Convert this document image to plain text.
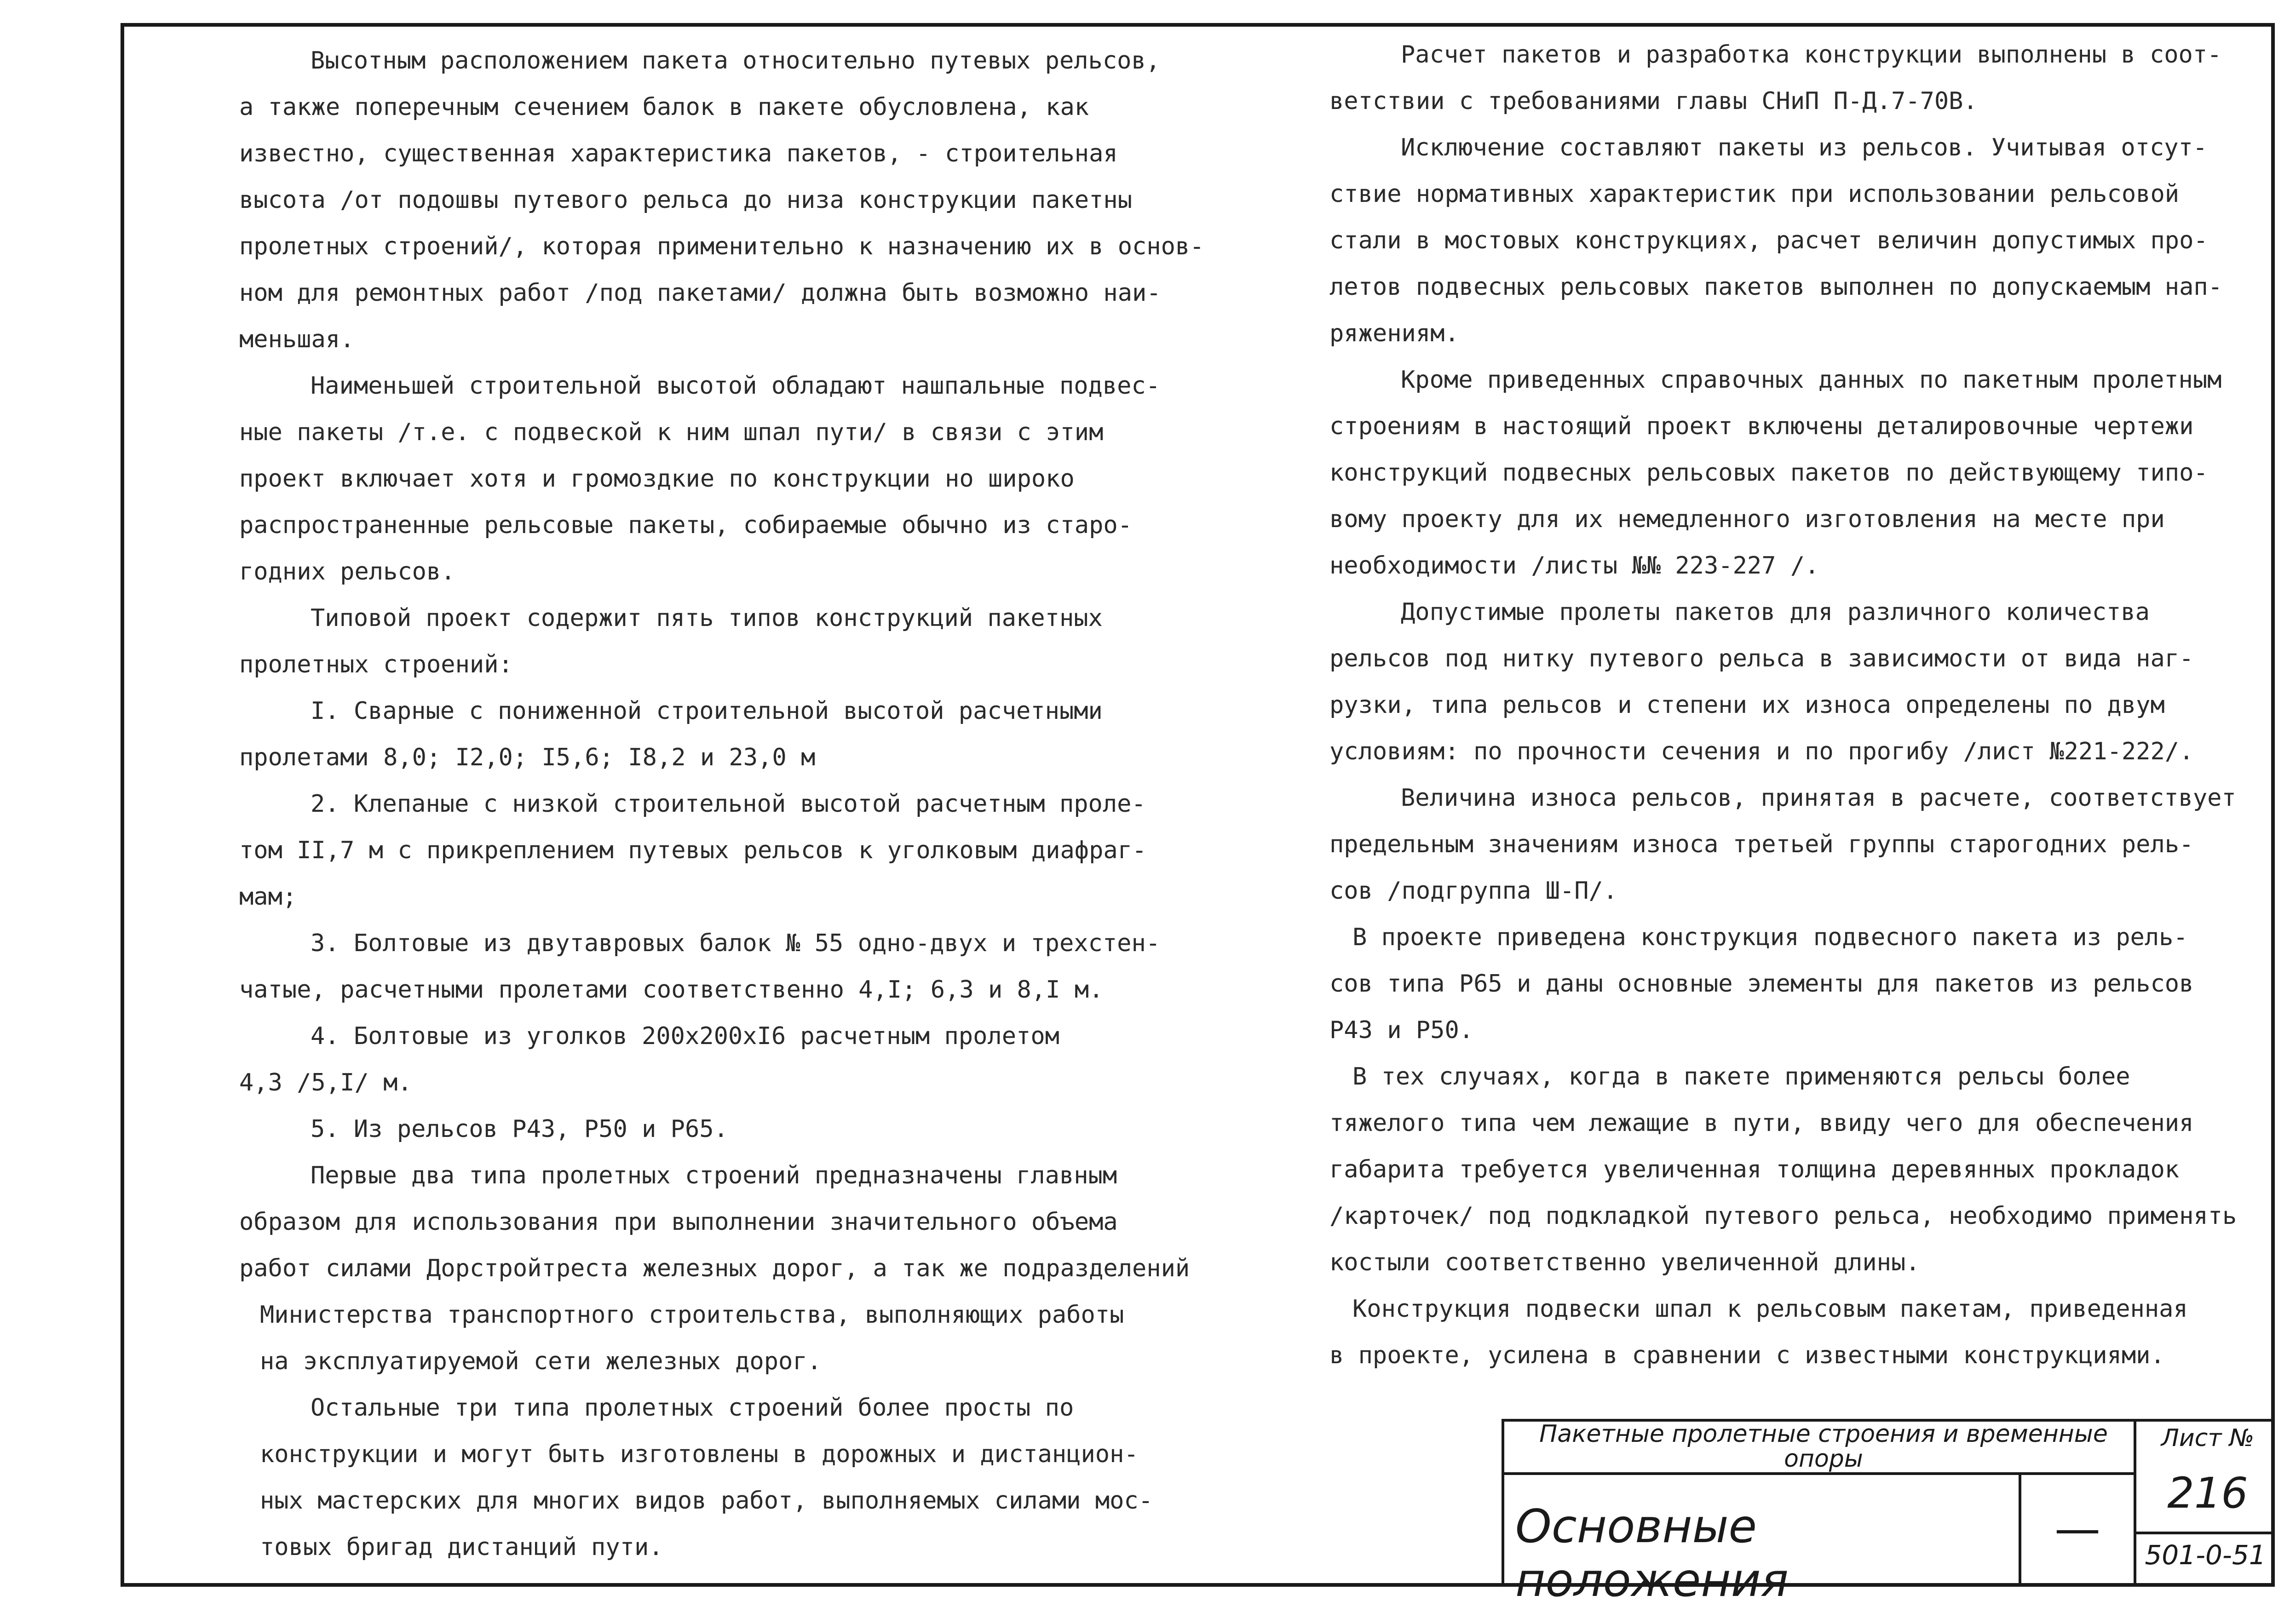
Высотным расположением пакета относительно путевых рельсов,

а также поперечным сечением балок в пакете обусловлена, как

известно, существенная характеристика пакетов, - строительная

высота /от подошвы путевого рельса до низа конструкции пакетны

пролетных строений/, которая применительно к назначению их в основ-

ном для ремонтных работ /под пакетами/ должна быть возможно наи-

меньшая.

Наименьшей строительной высотой обладают нашпальные подвес-

ные пакеты /т.е. с подвеской к ним шпал пути/ в связи с этим

проект включает хотя и громоздкие по конструкции но широко

распространенные рельсовые пакеты, собираемые обычно из старо-

годних рельсов.

Типовой проект содержит пять типов конструкций пакетных

пролетных строений:

I. Сварные с пониженной строительной высотой расчетными

пролетами 8,0; I2,0; I5,6; I8,2 и 23,0 м

2. Клепаные с низкой строительной высотой расчетным проле-

том II,7 м с прикреплением путевых рельсов к уголковым диафраг-

мам;

3. Болтовые из двутавровых балок № 55 одно-двух и трехстен-

чатые, расчетными пролетами соответственно 4,I; 6,3 и 8,I м.

4. Болтовые из уголков 200х200хI6 расчетным пролетом

4,3 /5,I/ м.

5. Из рельсов Р43, Р50 и Р65.

Первые два типа пролетных строений предназначены главным

образом для использования при выполнении значительного объема

работ силами Дорстройтреста железных дорог, а так же подразделений

Министерства транспортного строительства, выполняющих работы

на эксплуатируемой сети железных дорог.

Остальные три типа пролетных строений более просты по

конструкции и могут быть изготовлены в дорожных и дистанцион-

ных мастерских для многих видов работ, выполняемых силами мос-

товых бригад дистанций пути.

Расчет пакетов и разработка конструкции выполнены в соот-

ветствии с требованиями главы СНиП П-Д.7-70В.

Исключение составляют пакеты из рельсов. Учитывая отсут-

ствие нормативных характеристик при использовании рельсовой

стали в мостовых конструкциях, расчет величин допустимых про-

летов подвесных рельсовых пакетов выполнен по допускаемым нап-

ряжениям.

Кроме приведенных справочных данных по пакетным пролетным

строениям в настоящий проект включены деталировочные чертежи

конструкций подвесных рельсовых пакетов по действующему типо-

вому проекту для их немедленного изготовления на месте при

необходимости /листы №№ 223-227 /.

Допустимые пролеты пакетов для различного количества

рельсов под нитку путевого рельса в зависимости от вида наг-

рузки, типа рельсов и степени их износа определены по двум

условиям: по прочности сечения и по прогибу /лист №221-222/.

Величина износа рельсов, принятая в расчете, соответствует

предельным значениям износа третьей группы старогодних рель-

сов /подгруппа Ш-П/.

В проекте приведена конструкция подвесного пакета из рель-

сов типа Р65 и даны основные элементы для пакетов из рельсов

Р43 и Р50.

В тех случаях, когда в пакете применяются рельсы более

тяжелого типа чем лежащие в пути, ввиду чего для обеспечения

габарита требуется увеличенная толщина деревянных прокладок

/карточек/ под подкладкой путевого рельса, необходимо применять

костыли соответственно увеличенной длины.

Конструкция подвески шпал к рельсовым пакетам, приведенная

в проекте, усилена в сравнении с известными конструкциями.

Пакетные пролетные строения и временные опоры
Лист №
216
Основные положения
—	501-0-51
